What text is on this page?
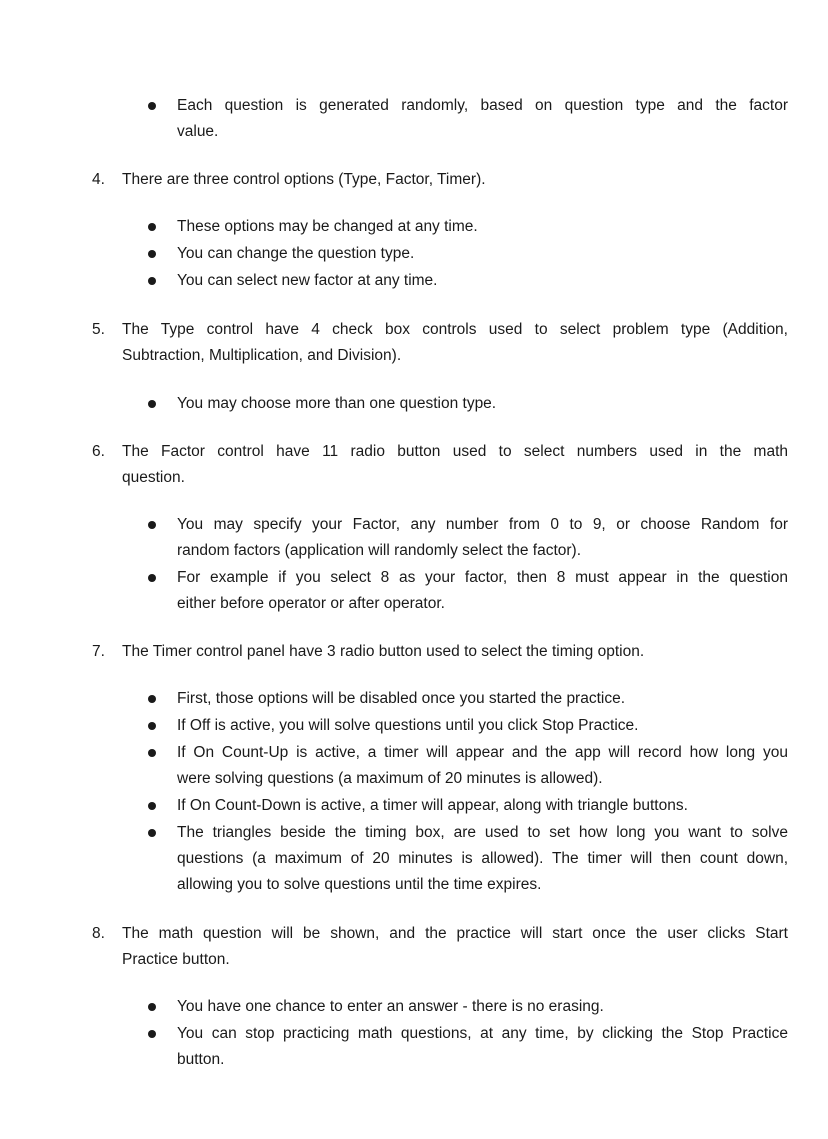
Each question is generated randomly, based on question type and the factor
value.
4. There are three control options (Type, Factor, Timer).
These options may be changed at any time.
You can change the question type.
You can select new factor at any time.
5. The Type control have 4 check box controls used to select problem type (Addition,
Subtraction, Multiplication, and Division).
You may choose more than one question type.
6. The Factor control have 11 radio button used to select numbers used in the math
question.
You may specify your Factor, any number from 0 to 9, or choose Random for
random factors (application will randomly select the factor).
For example if you select 8 as your factor, then 8 must appear in the question
either before operator or after operator.
7. The Timer control panel have 3 radio button used to select the timing option.
First, those options will be disabled once you started the practice.
If Off is active, you will solve questions until you click Stop Practice.
If On Count-Up is active, a timer will appear and the app will record how long you
were solving questions (a maximum of 20 minutes is allowed).
If On Count-Down is active, a timer will appear, along with triangle buttons.
The triangles beside the timing box, are used to set how long you want to solve
questions (a maximum of 20 minutes is allowed). The timer will then count down,
allowing you to solve questions until the time expires.
8. The math question will be shown, and the practice will start once the user clicks Start
Practice button.
You have one chance to enter an answer - there is no erasing.
You can stop practicing math questions, at any time, by clicking the Stop Practice
button.
